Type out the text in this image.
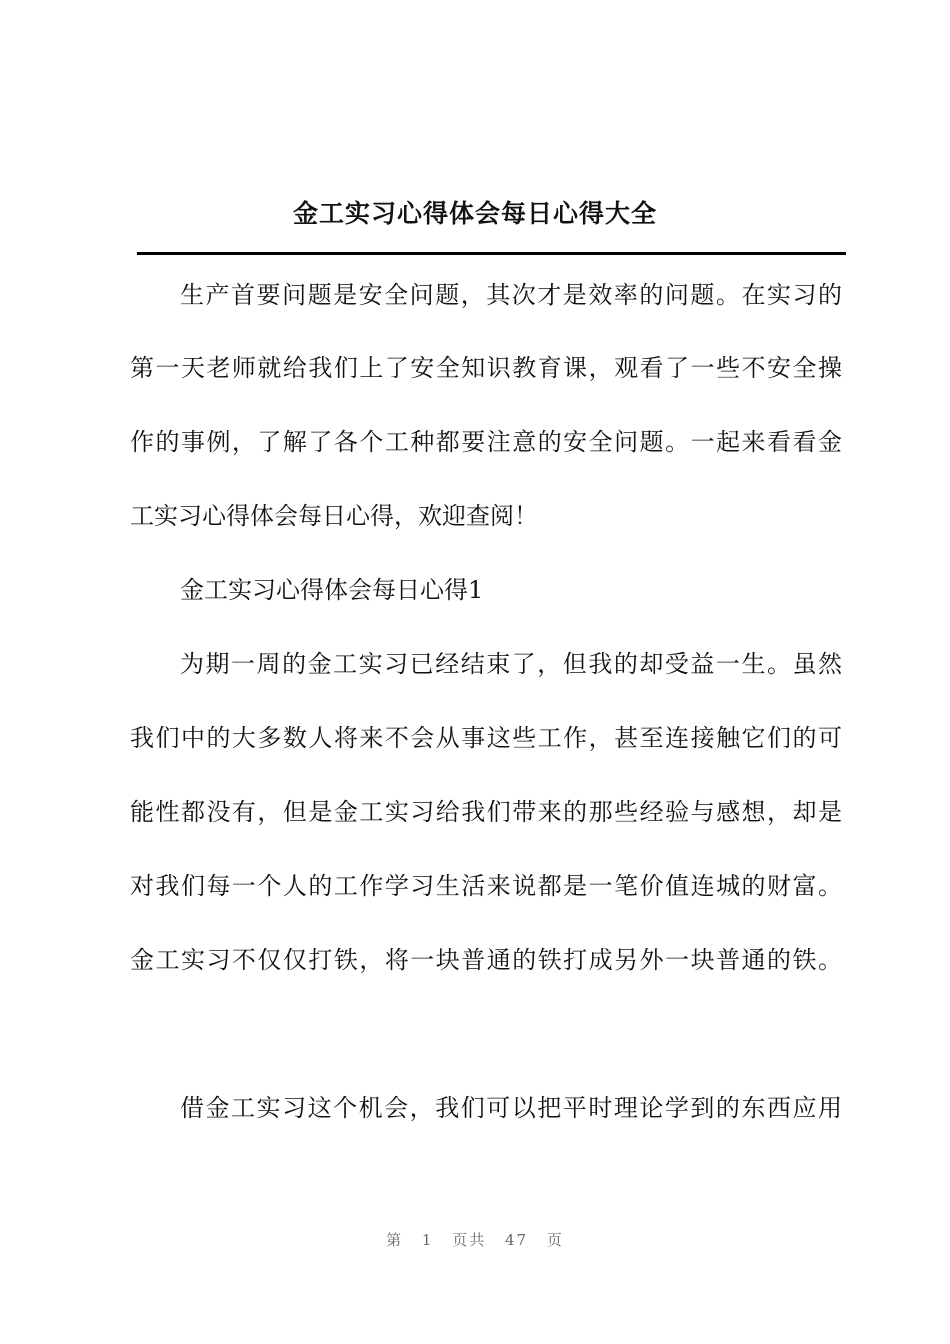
金工实习心得体会每日心得大全
生产首要问题是安全问题，其次才是效率的问题。在实习的
第一天老师就给我们上了安全知识教育课，观看了一些不安全操
作的事例，了解了各个工种都要注意的安全问题。一起来看看金
工实习心得体会每日心得，欢迎查阅！
金工实习心得体会每日心得1
为期一周的金工实习已经结束了，但我的却受益一生。虽然
我们中的大多数人将来不会从事这些工作，甚至连接触它们的可
能性都没有，但是金工实习给我们带来的那些经验与感想，却是
对我们每一个人的工作学习生活来说都是一笔价值连城的财富。
金工实习不仅仅打铁，将一块普通的铁打成另外一块普通的铁。
借金工实习这个机会，我们可以把平时理论学到的东西应用
第 1 页共 47 页
